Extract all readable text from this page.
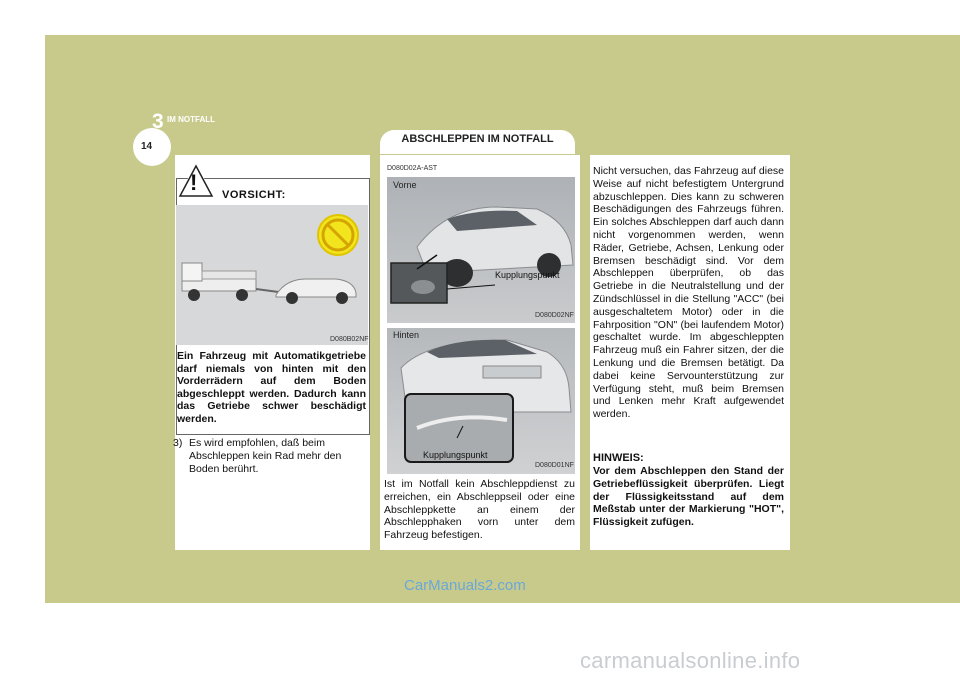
3 IM NOTFALL
14
ABSCHLEPPEN IM NOTFALL
! VORSICHT:
D080B02NF
Ein Fahrzeug mit Automatikgetriebe darf niemals von hinten mit den Vorderrädern auf dem Boden abgeschleppt werden. Dadurch kann das Getriebe schwer beschädigt werden.
3) Es wird empfohlen, daß beim Abschleppen kein Rad mehr den Boden berührt.
D080D02A-AST
Vorne
Kupplungspunkt
D080D02NF
Hinten
Kupplungspunkt
D080D01NF
Ist im Notfall kein Abschleppdienst zu erreichen, ein Abschleppseil oder eine Abschleppkette an einem der Abschlepphaken vorn unter dem Fahrzeug befestigen.
Nicht versuchen, das Fahrzeug auf diese Weise auf nicht befestigtem Untergrund abzuschleppen. Dies kann zu schweren Beschädigungen des Fahrzeugs führen. Ein solches Abschleppen darf auch dann nicht vorgenommen werden, wenn Räder, Getriebe, Achsen, Lenkung oder Bremsen beschädigt sind. Vor dem Abschleppen überprüfen, ob das Getriebe in die Neutralstellung und der Zündschlüssel in die Stellung "ACC" (bei ausgeschaltetem Motor) oder in die Fahrposition "ON" (bei laufendem Motor) geschaltet wurde. Im abgeschleppten Fahrzeug muß ein Fahrer sitzen, der die Lenkung und die Bremsen betätigt. Da dabei keine Servounterstützung zur Verfügung steht, muß beim Bremsen und Lenken mehr Kraft aufgewendet werden.
HINWEIS:
Vor dem Abschleppen den Stand der Getriebeflüssigkeit überprüfen. Liegt der Flüssigkeitsstand auf dem Meßstab unter der Markierung "HOT", Flüssigkeit zufügen.
CarManuals2.com
carmanualsonline.info
